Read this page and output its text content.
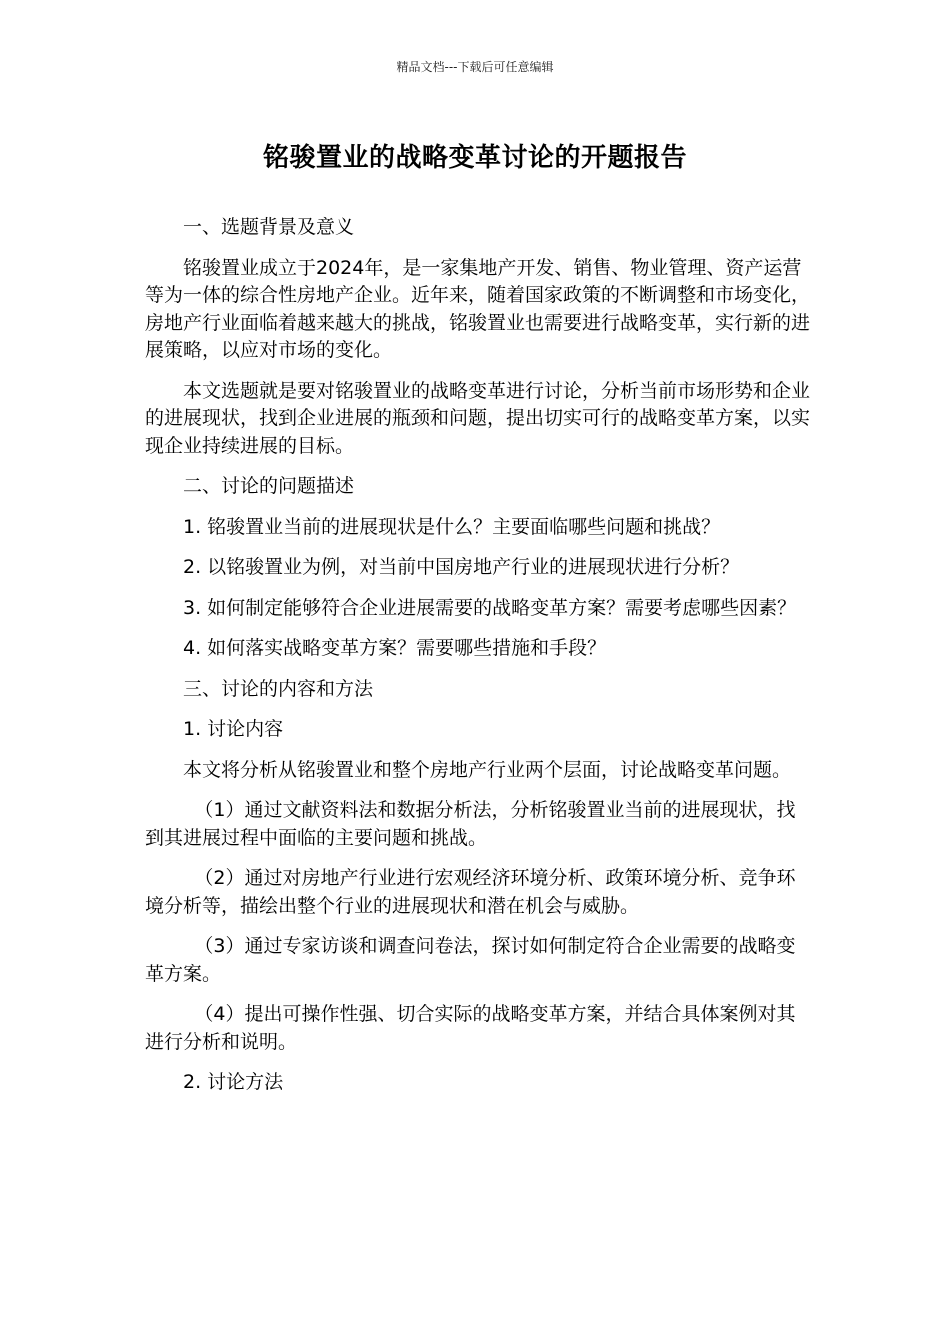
精品文档---下载后可任意编辑
铭骏置业的战略变革讨论的开题报告

一、选题背景及意义

铭骏置业成立于2024年，是一家集地产开发、销售、物业管理、资产运营等为一体的综合性房地产企业。近年来，随着国家政策的不断调整和市场变化，房地产行业面临着越来越大的挑战，铭骏置业也需要进行战略变革，实行新的进展策略，以应对市场的变化。

本文选题就是要对铭骏置业的战略变革进行讨论，分析当前市场形势和企业的进展现状，找到企业进展的瓶颈和问题，提出切实可行的战略变革方案，以实现企业持续进展的目标。

二、讨论的问题描述

1. 铭骏置业当前的进展现状是什么？主要面临哪些问题和挑战？

2. 以铭骏置业为例，对当前中国房地产行业的进展现状进行分析？

3. 如何制定能够符合企业进展需要的战略变革方案？需要考虑哪些因素？

4. 如何落实战略变革方案？需要哪些措施和手段？

三、讨论的内容和方法

1. 讨论内容

本文将分析从铭骏置业和整个房地产行业两个层面，讨论战略变革问题。

（1）通过文献资料法和数据分析法，分析铭骏置业当前的进展现状，找到其进展过程中面临的主要问题和挑战。

（2）通过对房地产行业进行宏观经济环境分析、政策环境分析、竞争环境分析等，描绘出整个行业的进展现状和潜在机会与威胁。

（3）通过专家访谈和调查问卷法，探讨如何制定符合企业需要的战略变革方案。

（4）提出可操作性强、切合实际的战略变革方案，并结合具体案例对其进行分析和说明。

2. 讨论方法
